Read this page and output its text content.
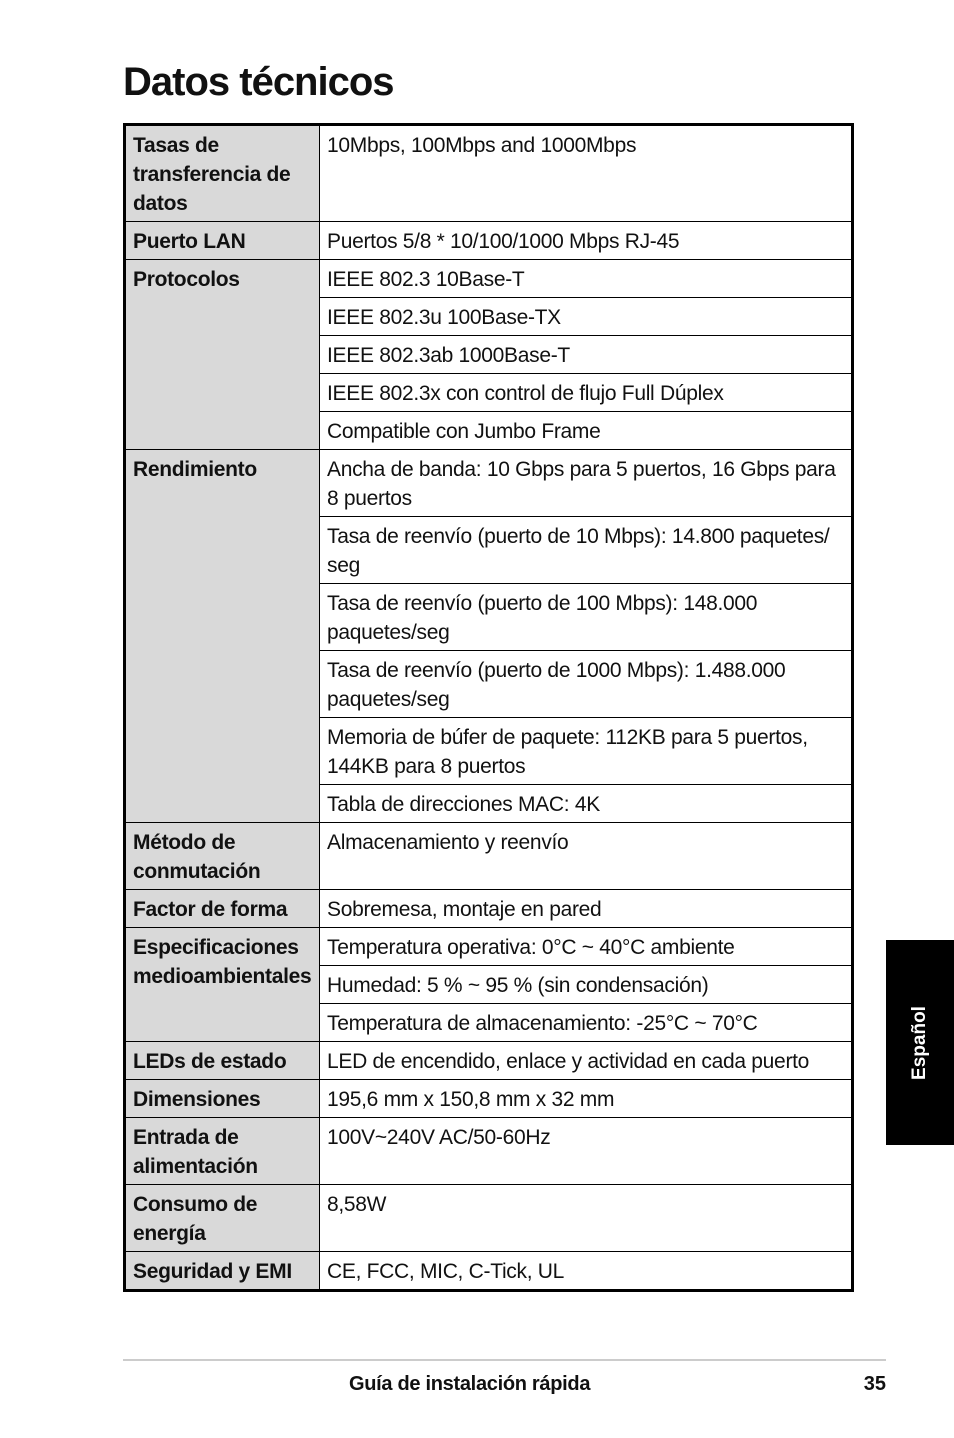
Datos técnicos
Tasas de transferencia de datos	10Mbps, 100Mbps and 1000Mbps
Puerto LAN	Puertos 5/8 * 10/100/1000 Mbps RJ-45
Protocolos	IEEE 802.3 10Base-T
	IEEE 802.3u 100Base-TX
	IEEE 802.3ab 1000Base-T
	IEEE 802.3x con control de flujo Full Dúplex
	Compatible con Jumbo Frame
Rendimiento	Ancha de banda: 10 Gbps para 5 puertos, 16 Gbps para 8 puertos
	Tasa de reenvío (puerto de 10 Mbps): 14.800 paquetes/ seg
	Tasa de reenvío (puerto de 100 Mbps): 148.000 paquetes/seg
	Tasa de reenvío (puerto de 1000 Mbps): 1.488.000 paquetes/seg
	Memoria de búfer de paquete: 112KB para 5 puertos, 144KB para 8 puertos
	Tabla de direcciones MAC: 4K
Método de conmutación	Almacenamiento y reenvío
Factor de forma	Sobremesa, montaje en pared
Especificaciones medioambientales	Temperatura operativa: 0°C ~ 40°C ambiente
	Humedad: 5 % ~ 95 % (sin condensación)
	Temperatura de almacenamiento: -25°C ~ 70°C
LEDs de estado	LED de encendido, enlace y actividad en cada puerto
Dimensiones	195,6 mm x 150,8 mm x 32 mm
Entrada de alimentación	100V~240V AC/50-60Hz
Consumo de energía	8,58W
Seguridad y EMI	CE, FCC, MIC, C-Tick, UL
Español
Guía de instalación rápida	35
